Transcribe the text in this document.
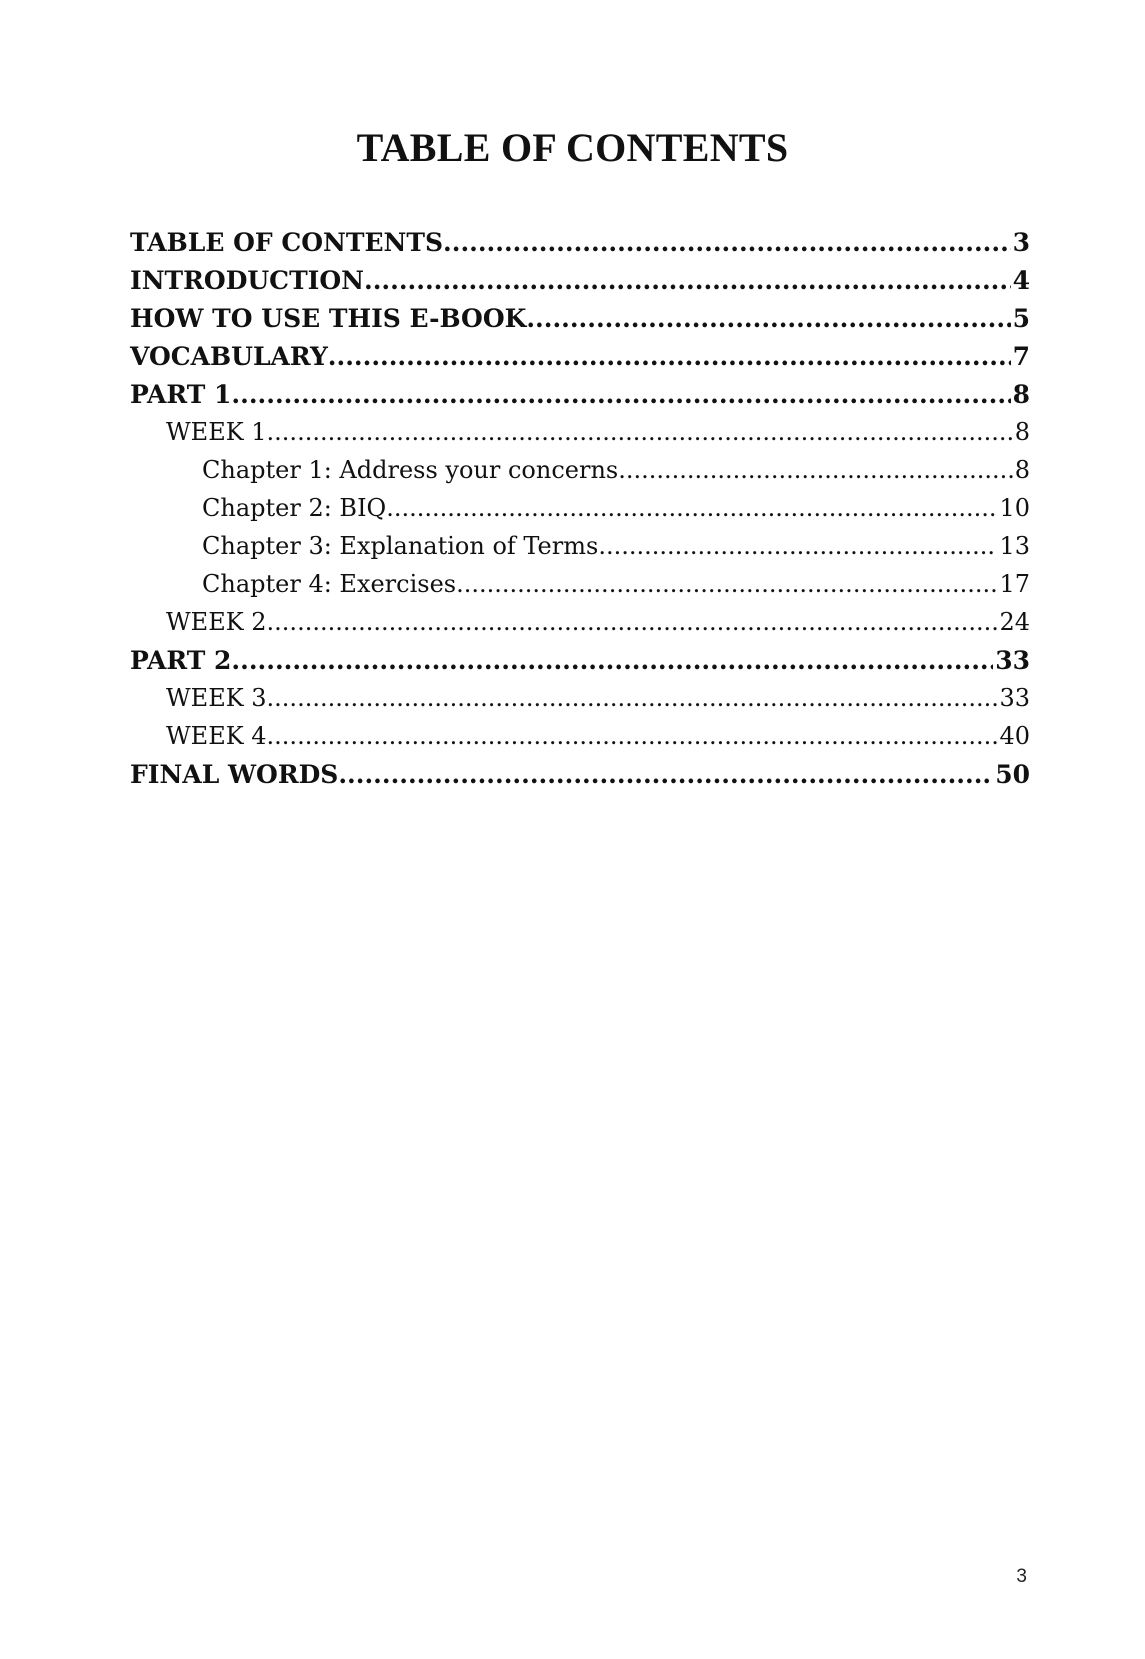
TABLE OF CONTENTS
TABLE OF CONTENTS .....	3
INTRODUCTION .....	4
HOW TO USE THIS E-BOOK .....	5
VOCABULARY .....	7
PART 1 .....	8
WEEK 1 .....	8
Chapter 1: Address your concerns .....	8
Chapter 2: BIQ .....	10
Chapter 3: Explanation of Terms .....	13
Chapter 4: Exercises .....	17
WEEK 2 .....	24
PART 2 .....	33
WEEK 3 .....	33
WEEK 4 .....	40
FINAL WORDS .....	50
3
